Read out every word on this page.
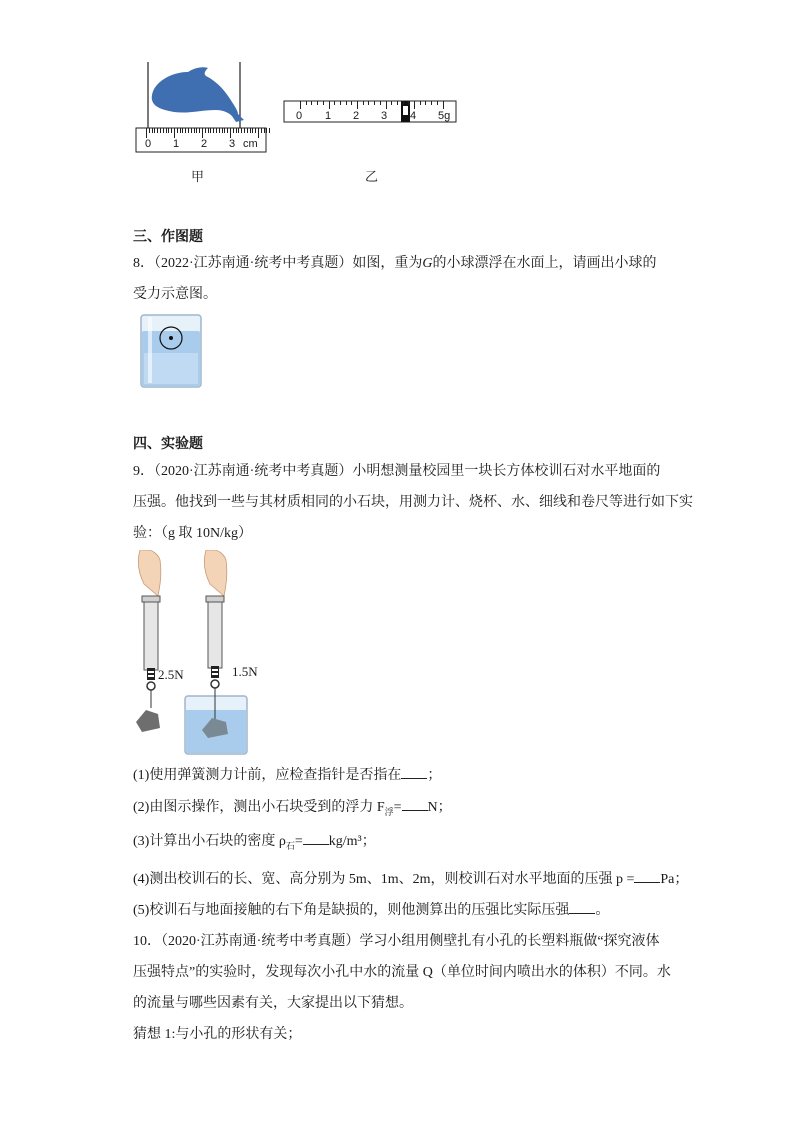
0 1 2 3 cm
0 1 2 3 4 5g
甲	乙
三、作图题
8．（2022·江苏南通·统考中考真题）如图，重为G的小球漂浮在水面上，请画出小球的
受力示意图。
四、实验题
9．（2020·江苏南通·统考中考真题）小明想测量校园里一块长方体校训石对水平地面的
压强。他找到一些与其材质相同的小石块，用测力计、烧杯、水、细线和卷尺等进行如下实
验：（g 取 10N/kg）
2.5N	1.5N
(1)使用弹簧测力计前，应检查指针是否指在 ；
(2)由图示操作，测出小石块受到的浮力 $F_浮= N$；
(3)计算出小石块的密度 $\rho_石= kg/m^3$；
(4)测出校训石的长、宽、高分别为 5m、1m、2m，则校训石对水平地面的压强 p = Pa；
(5)校训石与地面接触的右下角是缺损的，则他测算出的压强比实际压强 。
10．（2020·江苏南通·统考中考真题）学习小组用侧壁扎有小孔的长塑料瓶做“探究液体
压强特点”的实验时，发现每次小孔中水的流量 Q（单位时间内喷出水的体积）不同。水
的流量与哪些因素有关，大家提出以下猜想。
猜想 1:与小孔的形状有关；
